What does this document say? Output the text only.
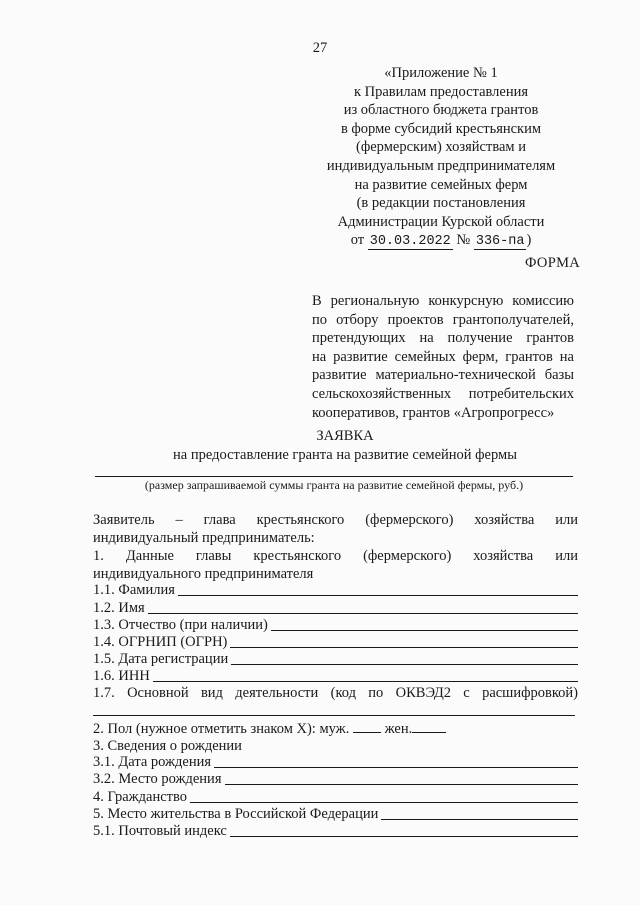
27
«Приложение № 1
к Правилам предоставления
из областного бюджета грантов
в форме субсидий крестьянским
(фермерским) хозяйствам и
индивидуальным предпринимателям
на развитие семейных ферм
(в редакции постановления
Администрации Курской области
от 30.03.2022 № 336-па )
ФОРМА
В региональную конкурсную комиссию
по отбору проектов грантополучателей,
претендующих на получение грантов
на развитие семейных ферм, грантов на
развитие материально-технической базы
сельскохозяйственных потребительских
кооперативов, грантов «Агропрогресс»
ЗАЯВКА
на предоставление гранта на развитие семейной фермы
(размер запрашиваемой суммы гранта на развитие семейной фермы, руб.)
Заявитель – глава крестьянского (фермерского) хозяйства или
индивидуальный предприниматель:
1. Данные главы крестьянского (фермерского) хозяйства или
индивидуального предпринимателя
1.1. Фамилия
1.2. Имя
1.3. Отчество (при наличии)
1.4. ОГРНИП (ОГРН)
1.5. Дата регистрации
1.6. ИНН
1.7. Основной вид деятельности (код по ОКВЭД2 с расшифровкой)
2. Пол (нужное отметить знаком Х): муж. жен.
3. Сведения о рождении
3.1. Дата рождения
3.2. Место рождения
4. Гражданство
5. Место жительства в Российской Федерации
5.1. Почтовый индекс
